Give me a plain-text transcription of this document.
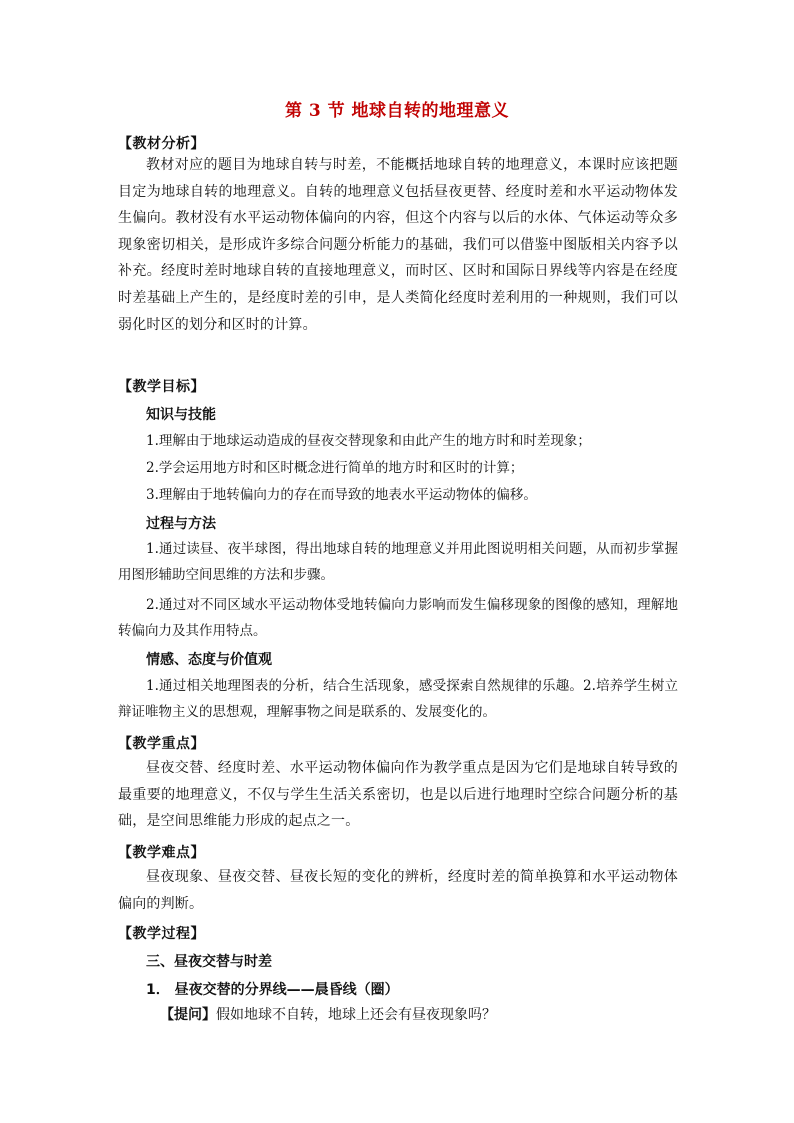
第 3 节 地球自转的地理意义
【教材分析】
教材对应的题目为地球自转与时差，不能概括地球自转的地理意义，本课时应该把题目定为地球自转的地理意义。自转的地理意义包括昼夜更替、经度时差和水平运动物体发生偏向。教材没有水平运动物体偏向的内容，但这个内容与以后的水体、气体运动等众多现象密切相关，是形成许多综合问题分析能力的基础，我们可以借鉴中图版相关内容予以补充。经度时差时地球自转的直接地理意义，而时区、区时和国际日界线等内容是在经度时差基础上产生的，是经度时差的引申，是人类简化经度时差利用的一种规则，我们可以弱化时区的划分和区时的计算。
【教学目标】
知识与技能
1.理解由于地球运动造成的昼夜交替现象和由此产生的地方时和时差现象；
2.学会运用地方时和区时概念进行简单的地方时和区时的计算；
3.理解由于地转偏向力的存在而导致的地表水平运动物体的偏移。
过程与方法
1.通过读昼、夜半球图，得出地球自转的地理意义并用此图说明相关问题，从而初步掌握用图形辅助空间思维的方法和步骤。
2.通过对不同区域水平运动物体受地转偏向力影响而发生偏移现象的图像的感知，理解地转偏向力及其作用特点。
情感、态度与价值观
1.通过相关地理图表的分析，结合生活现象，感受探索自然规律的乐趣。2.培养学生树立辩证唯物主义的思想观，理解事物之间是联系的、发展变化的。
【教学重点】
昼夜交替、经度时差、水平运动物体偏向作为教学重点是因为它们是地球自转导致的最重要的地理意义，不仅与学生生活关系密切，也是以后进行地理时空综合问题分析的基础，是空间思维能力形成的起点之一。
【教学难点】
昼夜现象、昼夜交替、昼夜长短的变化的辨析，经度时差的简单换算和水平运动物体偏向的判断。
【教学过程】
三、昼夜交替与时差
1． 昼夜交替的分界线——晨昏线（圈）
【提问】假如地球不自转，地球上还会有昼夜现象吗？
